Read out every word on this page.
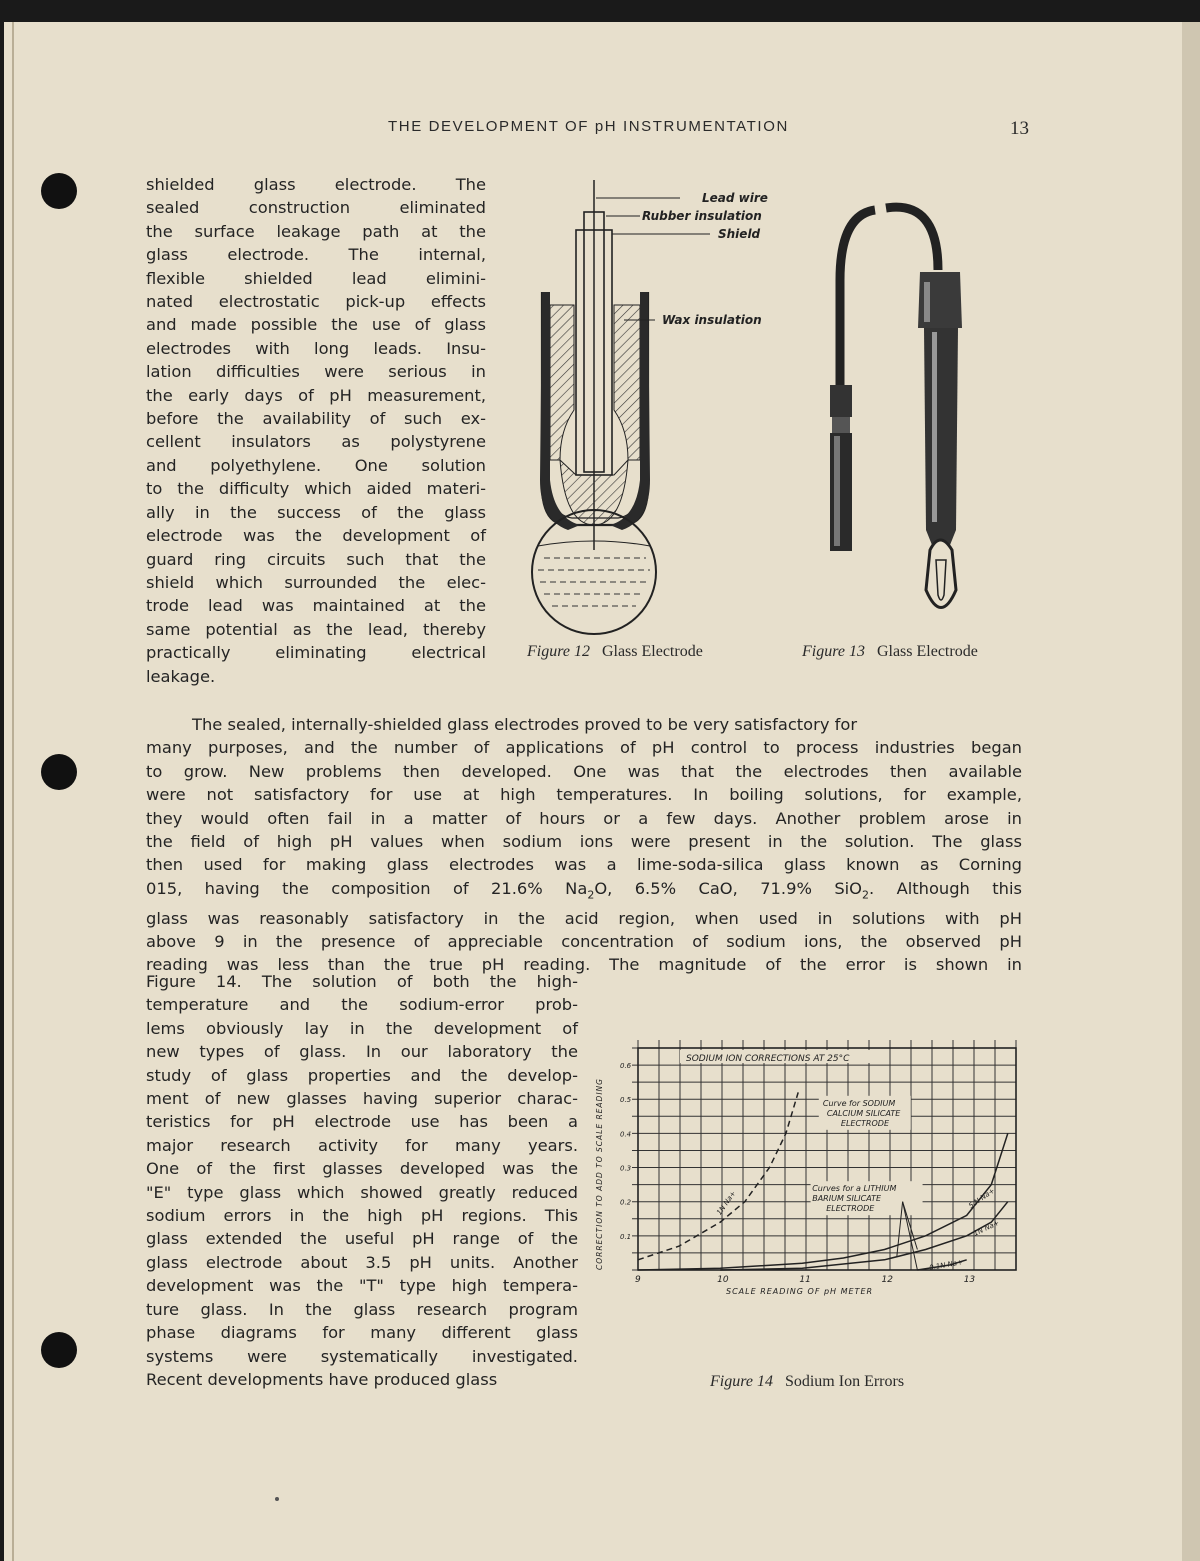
THE DEVELOPMENT OF pH INSTRUMENTATION	13
shielded glass electrode. The
sealed construction eliminated
the surface leakage path at the
glass electrode. The internal,
flexible shielded lead elimini-
nated electrostatic pick-up effects
and made possible the use of glass
electrodes with long leads. Insu-
lation difficulties were serious in
the early days of pH measurement,
before the availability of such ex-
cellent insulators as polystyrene
and polyethylene. One solution
to the difficulty which aided materi-
ally in the success of the glass
electrode was the development of
guard ring circuits such that the
shield which surrounded the elec-
trode lead was maintained at the
same potential as the lead, thereby
practically eliminating electrical
leakage.
Lead wire
Rubber insulation
Shield
Wax insulation
Figure 12 Glass Electrode	Figure 13 Glass Electrode
The sealed, internally-shielded glass electrodes proved to be very satisfactory for
many purposes, and the number of applications of pH control to process industries began
to grow. New problems then developed. One was that the electrodes then available
were not satisfactory for use at high temperatures. In boiling solutions, for example,
they would often fail in a matter of hours or a few days. Another problem arose in
the field of high pH values when sodium ions were present in the solution. The glass
then used for making glass electrodes was a lime-soda-silica glass known as Corning
015, having the composition of 21.6% $Na_2O$, 6.5% CaO, 71.9% SiO$_2$. Although this
glass was reasonably satisfactory in the acid region, when used in solutions with pH
above 9 in the presence of appreciable concentration of sodium ions, the observed pH
reading was less than the true pH reading. The magnitude of the error is shown in
Figure 14. The solution of both the high-
temperature and the sodium-error prob-
lems obviously lay in the development of
new types of glass. In our laboratory the
study of glass properties and the develop-
ment of new glasses having superior charac-
teristics for pH electrode use has been a
major research activity for many years.
One of the first glasses developed was the
"E" type glass which showed greatly reduced
sodium errors in the high pH regions. This
glass extended the useful pH range of the
glass electrode about 3.5 pH units. Another
development was the "T" type high tempera-
ture glass. In the glass research program
phase diagrams for many different glass
systems were systematically investigated.
Recent developments have produced glass
SODIUM ION CORRECTIONS AT 25°C
9	10	11	12	13
0.1
0.2
0.3
0.4
0.5
0.6
SCALE READING OF pH METER
CORRECTION TO ADD TO SCALE READING	Curve for SODIUM
CALCIUM SILICATE
ELECTRODE
Curves for a LITHIUM
BARIUM SILICATE
ELECTRODE
1N Na+	5 N Na+
1N Na+
0.1N Na+
Figure 14 Sodium Ion Errors
